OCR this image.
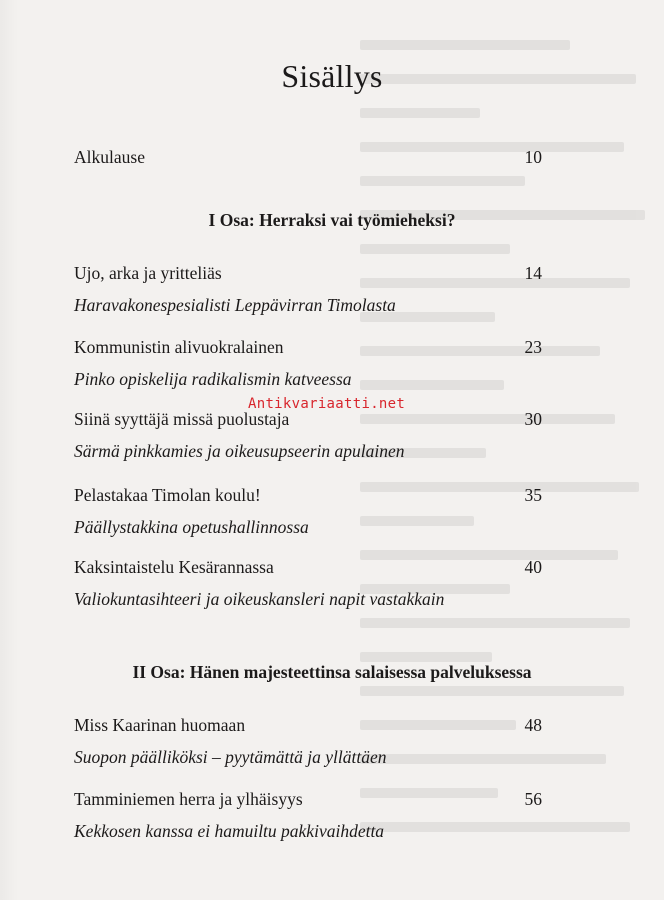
Sisällys
Alkulause	10
I Osa: Herraksi vai työmieheksi?
Ujo, arka ja yritteliäs	14
Haravakonespesialisti Leppävirran Timolasta
Kommunistin alivuokralainen	23
Pinko opiskelija radikalismin katveessa
Siinä syyttäjä missä puolustaja	30
Särmä pinkkamies ja oikeusupseerin apulainen
Pelastakaa Timolan koulu!	35
Päällystakkina opetushallinnossa
Kaksintaistelu Kesärannassa	40
Valiokuntasihteeri ja oikeuskansleri napit vastakkain
II Osa: Hänen majesteettinsa salaisessa palveluksessa
Miss Kaarinan huomaan	48
Suopon päälliköksi – pyytämättä ja yllättäen
Tamminiemen herra ja ylhäisyys	56
Kekkosen kanssa ei hamuiltu pakkivaihdetta
Antikvariaatti.net
